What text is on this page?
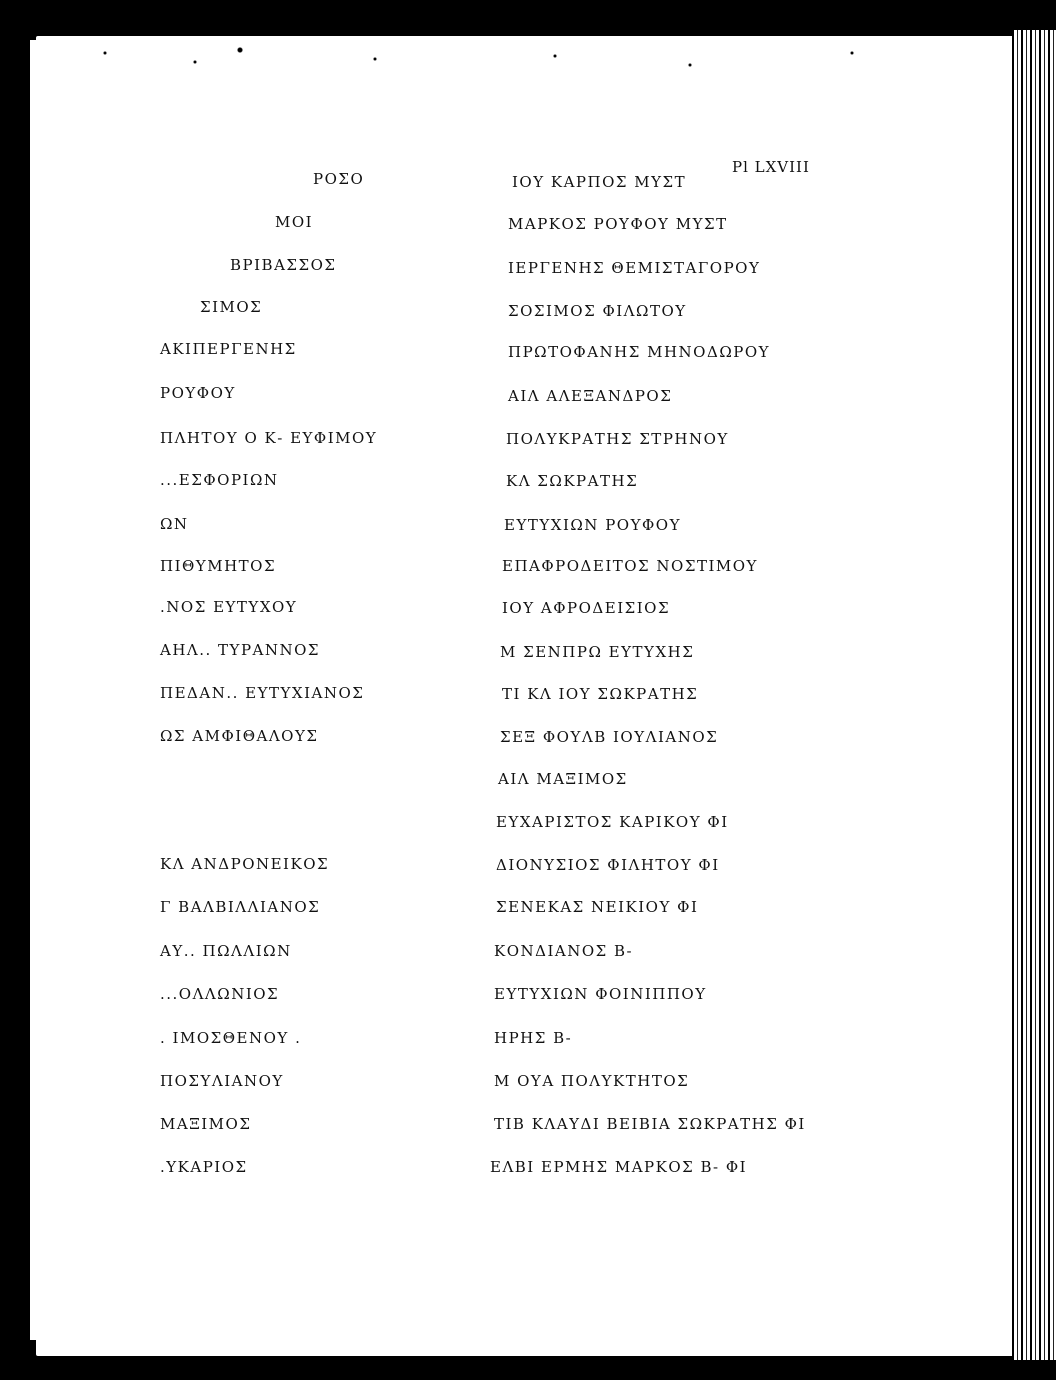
Pl LXVIII
ΡΟΣΟ
ΜΟΙ
ΒΡΙΒΑΣΣΟΣ
ΣΙΜΟΣ
ΑΚΙΠΕΡΓΕΝΗΣ
ΡΟΥΦΟΥ
ΠΛΗΤΟΥ Ο Κ- ΕΥΦΙΜΟΥ
...ΕΣΦΟΡΙΩΝ
ΩΝ
ΠΙΘΥΜΗΤΟΣ
.ΝΟΣ ΕΥΤΥΧΟΥ
ΑΗΛ.. ΤΥΡΑΝΝΟΣ
ΠΕΔΑΝ.. ΕΥΤΥΧΙΑΝΟΣ
ΩΣ ΑΜΦΙΘΑΛΟΥΣ
ΚΛ ΑΝΔΡΟΝΕΙΚΟΣ
Γ ΒΑΛΒΙΛΛΙΑΝΟΣ
ΑΥ.. ΠΩΛΛΙΩΝ
...ΟΛΛΩΝΙΟΣ
. ΙΜΟΣΘΕΝΟΥ .
ΠΟΣΥΛΙΑΝΟΥ
ΜΑΞΙΜΟΣ
.ΥΚΑΡΙΟΣ
ΙΟΥ ΚΑΡΠΟΣ ΜΥΣΤ
ΜΑΡΚΟΣ ΡΟΥΦΟΥ ΜΥΣΤ
ΙΕΡΓΕΝΗΣ ΘΕΜΙΣΤΑΓΟΡΟΥ
ΣΟΣΙΜΟΣ ΦΙΛΩΤΟΥ
ΠΡΩΤΟΦΑΝΗΣ ΜΗΝΟΔΩΡΟΥ
ΑΙΛ ΑΛΕΞΑΝΔΡΟΣ
ΠΟΛΥΚΡΑΤΗΣ ΣΤΡΗΝΟΥ
ΚΛ ΣΩΚΡΑΤΗΣ
ΕΥΤΥΧΙΩΝ ΡΟΥΦΟΥ
ΕΠΑΦΡΟΔΕΙΤΟΣ ΝΟΣΤΙΜΟΥ
ΙΟΥ ΑΦΡΟΔΕΙΣΙΟΣ
Μ ΣΕΝΠΡΩ ΕΥΤΥΧΗΣ
ΤΙ ΚΛ ΙΟΥ ΣΩΚΡΑΤΗΣ
ΣΕΞ ΦΟΥΛΒ ΙΟΥΛΙΑΝΟΣ
ΑΙΛ ΜΑΞΙΜΟΣ
ΕΥΧΑΡΙΣΤΟΣ ΚΑΡΙΚΟΥ ΦΙ
ΔΙΟΝΥΣΙΟΣ ΦΙΛΗΤΟΥ ΦΙ
ΣΕΝΕΚΑΣ ΝΕΙΚΙΟΥ ΦΙ
ΚΟΝΔΙΑΝΟΣ Β-
ΕΥΤΥΧΙΩΝ ΦΟΙΝΙΠΠΟΥ
ΗΡΗΣ Β-
Μ ΟΥΑ ΠΟΛΥΚΤΗΤΟΣ
ΤΙΒ ΚΛΑΥΔΙ ΒΕΙΒΙΑ ΣΩΚΡΑΤΗΣ ΦΙ
ΕΛΒΙ ΕΡΜΗΣ ΜΑΡΚΟΣ Β- ΦΙ
